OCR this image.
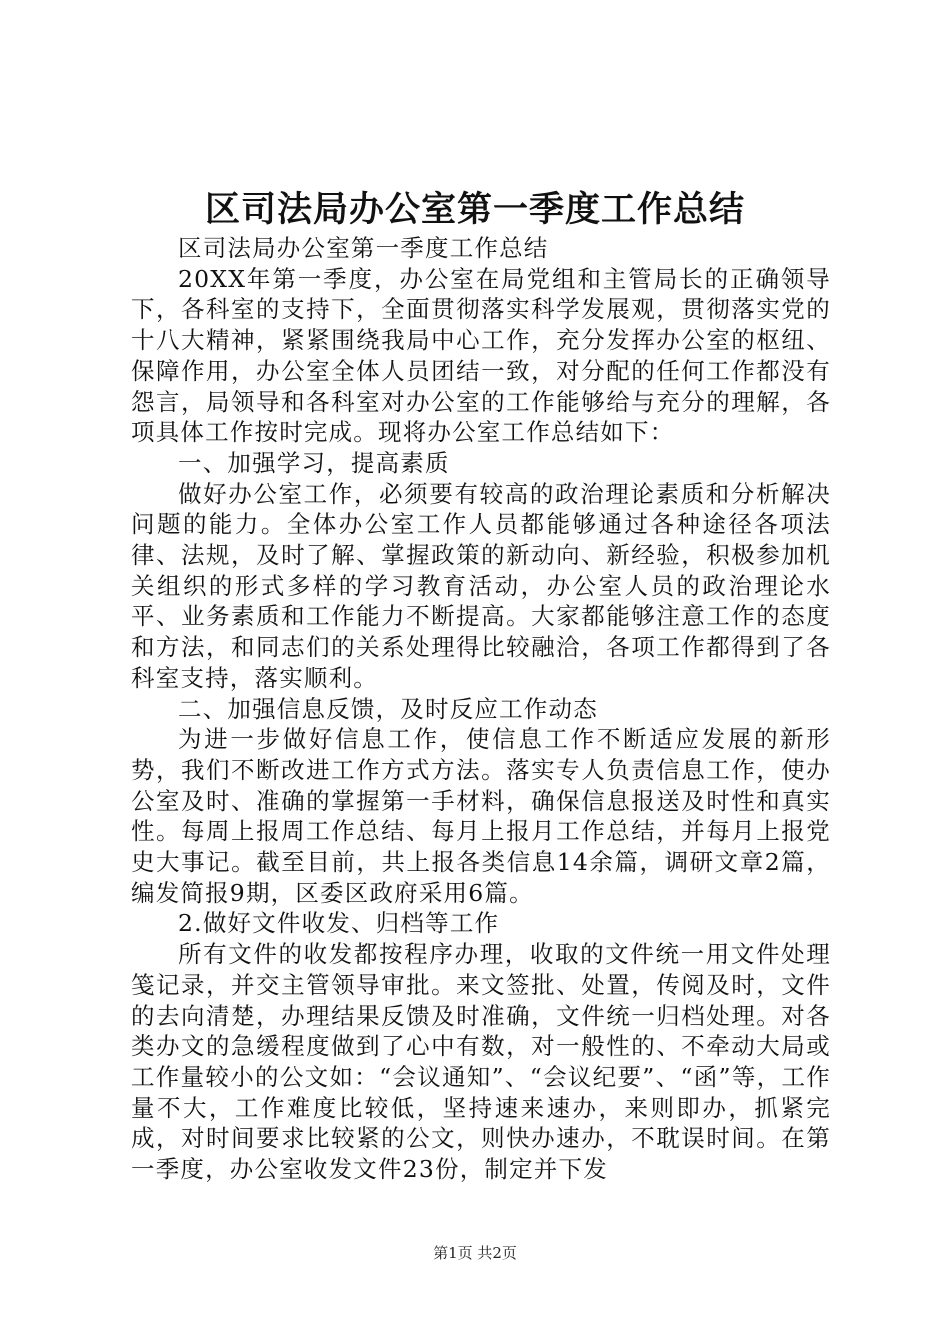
区司法局办公室第一季度工作总结

区司法局办公室第一季度工作总结

20XX年第一季度，办公室在局党组和主管局长的正确领导下，各科室的支持下，全面贯彻落实科学发展观，贯彻落实党的十八大精神，紧紧围绕我局中心工作，充分发挥办公室的枢纽、保障作用，办公室全体人员团结一致，对分配的任何工作都没有怨言，局领导和各科室对办公室的工作能够给与充分的理解，各项具体工作按时完成。现将办公室工作总结如下：

一、加强学习，提高素质

做好办公室工作，必须要有较高的政治理论素质和分析解决问题的能力。全体办公室工作人员都能够通过各种途径各项法律、法规，及时了解、掌握政策的新动向、新经验，积极参加机关组织的形式多样的学习教育活动，办公室人员的政治理论水平、业务素质和工作能力不断提高。大家都能够注意工作的态度和方法，和同志们的关系处理得比较融洽，各项工作都得到了各科室支持，落实顺利。

二、加强信息反馈，及时反应工作动态

为进一步做好信息工作，使信息工作不断适应发展的新形势，我们不断改进工作方式方法。落实专人负责信息工作，使办公室及时、准确的掌握第一手材料，确保信息报送及时性和真实性。每周上报周工作总结、每月上报月工作总结，并每月上报党史大事记。截至目前，共上报各类信息14余篇，调研文章2篇，编发简报9期，区委区政府采用6篇。

2.做好文件收发、归档等工作

所有文件的收发都按程序办理，收取的文件统一用文件处理笺记录，并交主管领导审批。来文签批、处置，传阅及时，文件的去向清楚，办理结果反馈及时准确，文件统一归档处理。对各类办文的急缓程度做到了心中有数，对一般性的、不牵动大局或工作量较小的公文如：“会议通知”、“会议纪要”、“函”等，工作量不大，工作难度比较低，坚持速来速办，来则即办，抓紧完成，对时间要求比较紧的公文，则快办速办，不耽误时间。在第一季度，办公室收发文件23份，制定并下发

第1页 共2页
